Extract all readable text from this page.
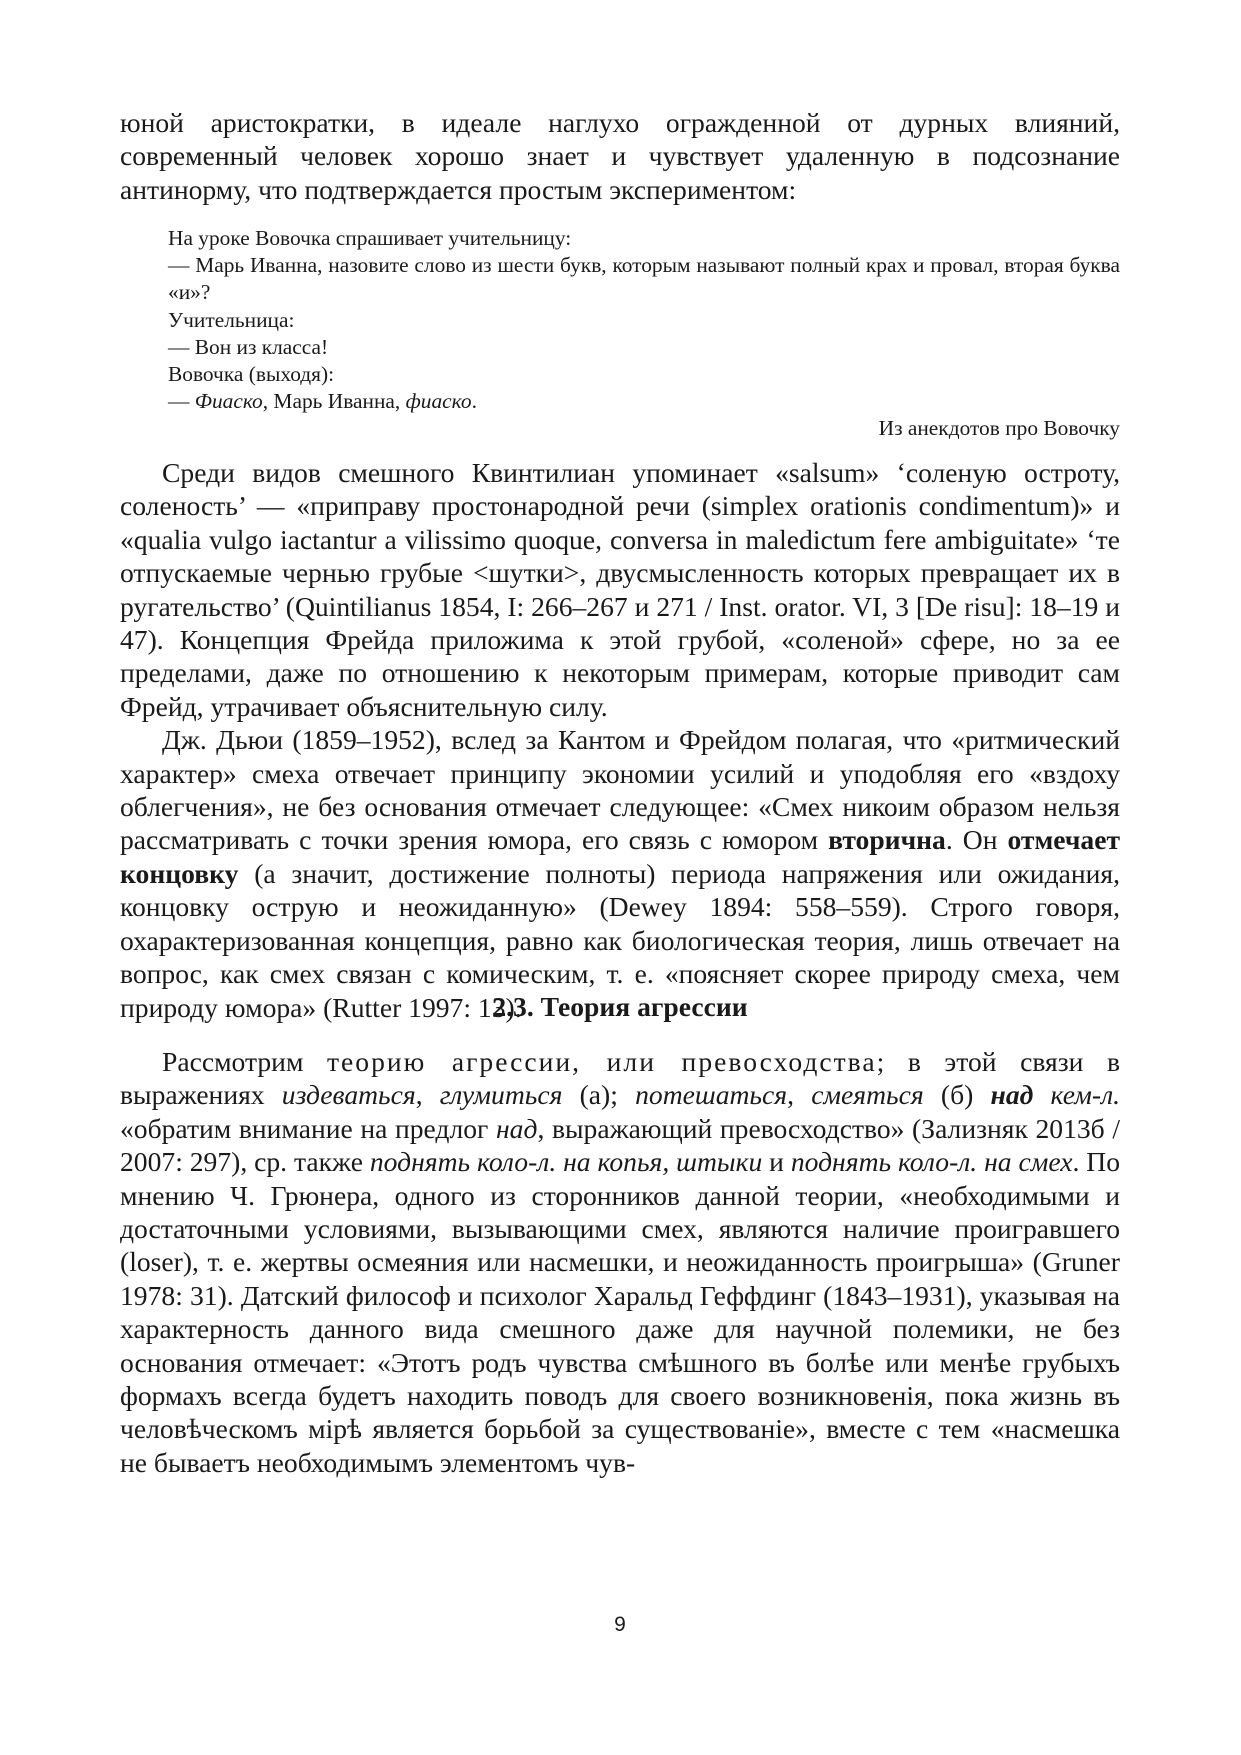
юной аристократки, в идеале наглухо огражденной от дурных влияний, современный человек хорошо знает и чувствует удаленную в подсознание антинорму, что подтверждается простым экспериментом:

На уроке Вовочка спрашивает учительницу:

— Марь Иванна, назовите слово из шести букв, которым называют полный крах и провал, вторая буква «и»?

Учительница:

— Вон из класса!

Вовочка (выходя):

— Фиаско, Марь Иванна, фиаско.

Из анекдотов про Вовочку

Среди видов смешного Квинтилиан упоминает «salsum» ‘соленую остроту, соленость’ — «приправу простонародной речи (simplex orationis condimentum)» и «qualia vulgo iactantur a vilissimo quoque, conversa in maledictum fere ambiguitate» ‘те отпускаемые чернью грубые <шутки>, двусмысленность которых превращает их в ругательство’ (Quintilianus 1854, I: 266–267 и 271 / Inst. orator. VI, 3 [De risu]: 18–19 и 47). Концепция Фрейда приложима к этой грубой, «соленой» сфере, но за ее пределами, даже по отношению к некоторым примерам, которые приводит сам Фрейд, утрачивает объяснительную силу.

Дж. Дьюи (1859–1952), вслед за Кантом и Фрейдом полагая, что «ритмический характер» смеха отвечает принципу экономии усилий и уподобляя его «вздоху облегчения», не без основания отмечает следующее: «Смех никоим образом нельзя рассматривать с точки зрения юмора, его связь с юмором вторична. Он отмечает концовку (а значит, достижение полноты) периода напряжения или ожидания, концовку острую и неожиданную» (Dewey 1894: 558–559). Строго говоря, охарактеризованная концепция, равно как биологическая теория, лишь отвечает на вопрос, как смех связан с комическим, т. е. «поясняет скорее природу смеха, чем природу юмора» (Rutter 1997: 13).

2.3. Теория агрессии

Рассмотрим теорию агрессии, или превосходства; в этой связи в выражениях издеваться, глумиться (а); потешаться, смеяться (б) над кем-л. «обратим внимание на предлог над, выражающий превосходство» (Зализняк 2013б / 2007: 297), ср. также поднять коло-л. на копья, штыки и поднять коло-л. на смех. По мнению Ч. Грюнера, одного из сторонников данной теории, «необходимыми и достаточными условиями, вызывающими смех, являются наличие проигравшего (loser), т. е. жертвы осмеяния или насмешки, и неожиданность проигрыша» (Gruner 1978: 31). Датский философ и психолог Харальд Геффдинг (1843–1931), указывая на характерность данного вида смешного даже для научной полемики, не без основания отмечает: «Этотъ родъ чувства смѣшного въ болѣе или менѣе грубыхъ формахъ всегда будетъ находить поводъ для своего возникновенія, пока жизнь въ человѣческомъ мірѣ является борьбой за существованіе», вместе с тем «насмешка не бываетъ необходимымъ элементомъ чув-

9
